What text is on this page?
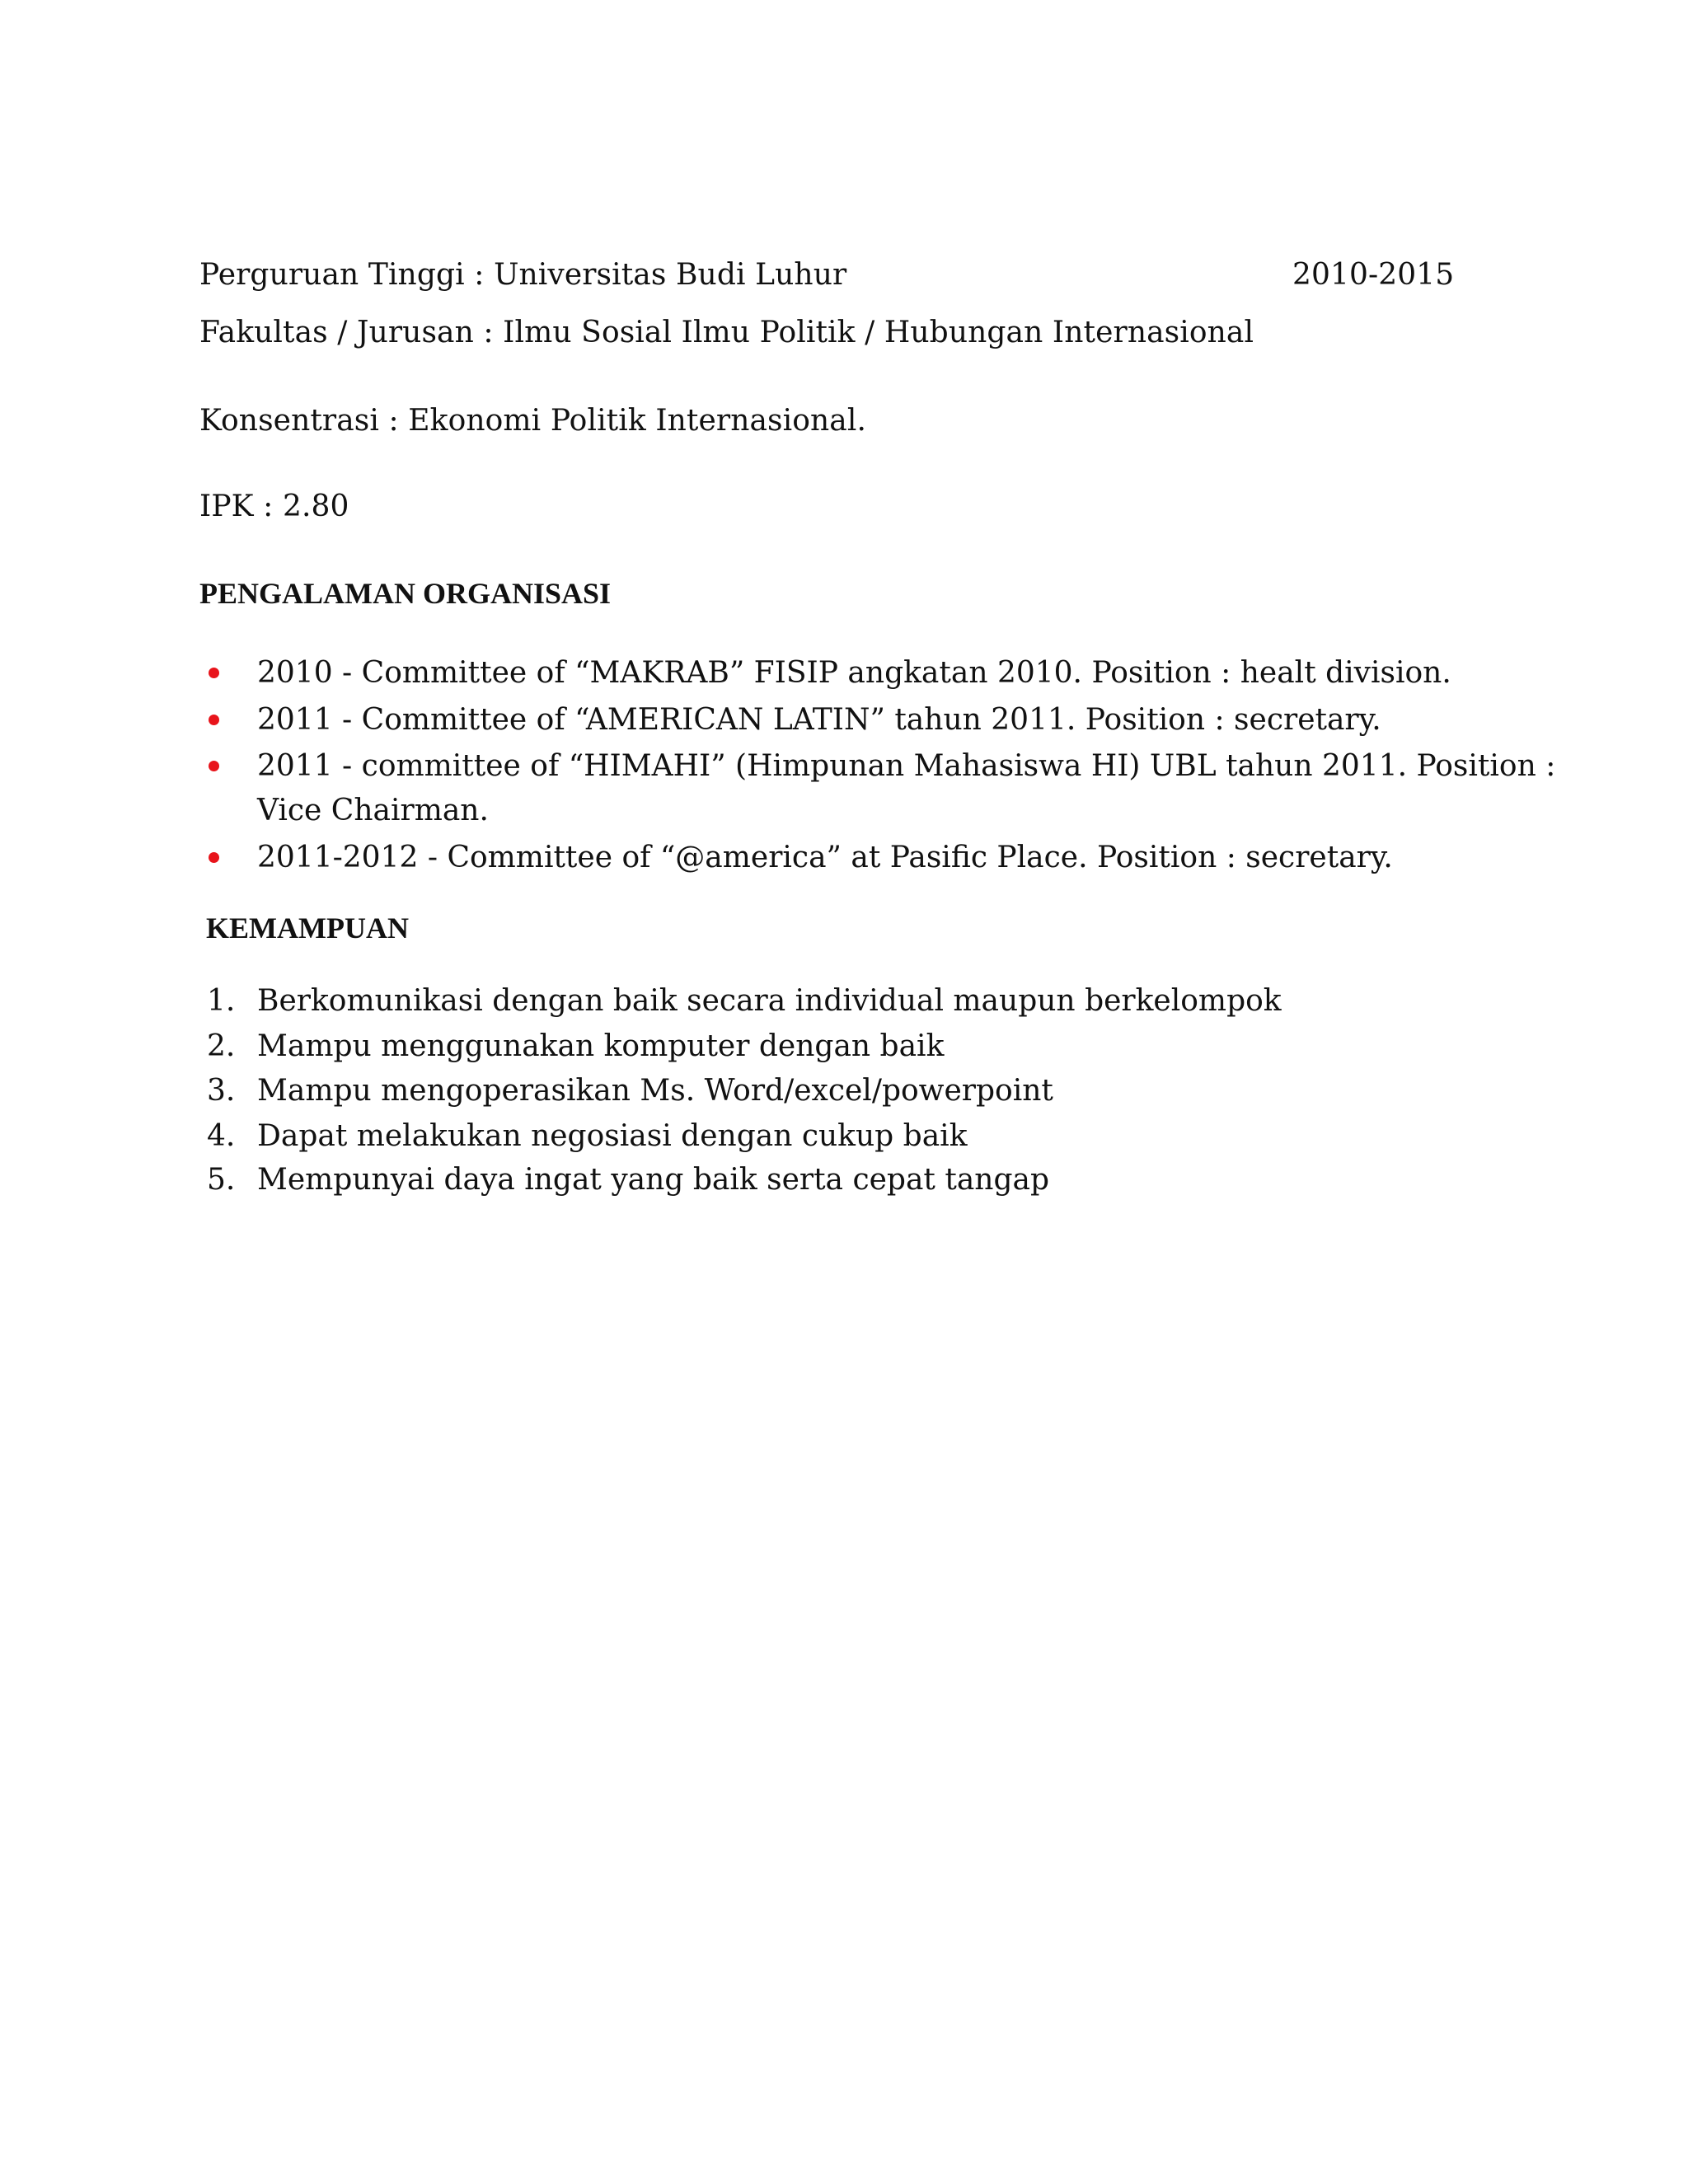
Perguruan Tinggi : Universitas Budi Luhur	2010-2015
Fakultas / Jurusan : Ilmu Sosial Ilmu Politik / Hubungan Internasional
Konsentrasi : Ekonomi Politik Internasional.
IPK : 2.80
PENGALAMAN ORGANISASI
2010 - Committee of “MAKRAB” FISIP angkatan 2010. Position : healt division.
2011 - Committee of “AMERICAN LATIN” tahun 2011. Position : secretary.
2011 - committee of “HIMAHI” (Himpunan Mahasiswa HI) UBL tahun 2011. Position :
Vice Chairman.
2011-2012 - Committee of “@america” at Pasific Place. Position : secretary.
KEMAMPUAN
1. Berkomunikasi dengan baik secara individual maupun berkelompok
2. Mampu menggunakan komputer dengan baik
3. Mampu mengoperasikan Ms. Word/excel/powerpoint
4. Dapat melakukan negosiasi dengan cukup baik
5. Mempunyai daya ingat yang baik serta cepat tangap
